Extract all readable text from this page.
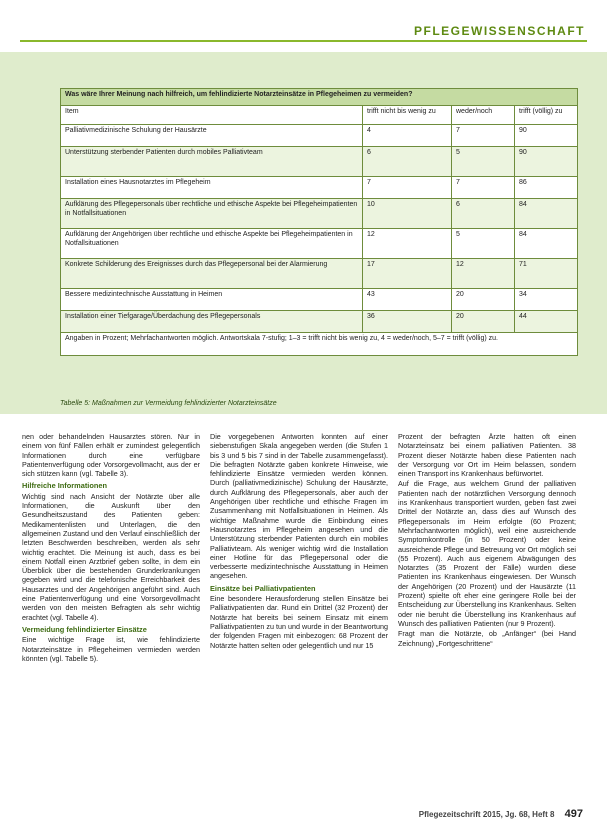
PFLEGEWISSENSCHAFT
Was wäre Ihrer Meinung nach hilfreich, um fehlindizierte Notarzteinsätze in Pflegeheimen zu vermeiden?			
Item	trifft nicht bis wenig zu	weder/noch	trifft (völlig) zu
Palliativmedizinische Schulung der Hausärzte	4	7	90
Unterstützung sterbender Patienten durch mobiles Palliativteam	6	5	90
Installation eines Hausnotarztes im Pflegeheim	7	7	86
Aufklärung des Pflegepersonals über rechtliche und ethische Aspekte bei Pflegeheimpatienten in Notfallsituationen	10	6	84
Aufklärung der Angehörigen über rechtliche und ethische Aspekte bei Pflegeheimpatienten in Notfallsituationen	12	5	84
Konkrete Schilderung des Ereignisses durch das Pflegepersonal bei der Alarmierung	17	12	71
Bessere medizintechnische Ausstattung in Heimen	43	20	34
Installation einer Tiefgarage/Überdachung des Pflegepersonals	36	20	44
Angaben in Prozent; Mehrfachantworten möglich. Antwortskala 7-stufig; 1–3 = trifft nicht bis wenig zu, 4 = weder/noch, 5–7 = trifft (völlig) zu.			
Tabelle 5: Maßnahmen zur Vermeidung fehlindizierter Notarzteinsätze

nen oder behandelnden Hausarztes stören. Nur in einem von fünf Fällen erhält er zumindest gelegentlich Informationen durch eine verfügbare Patientenverfügung oder Vorsorgevollmacht, aus der er sich stützen kann (vgl. Tabelle 3).

Hilfreiche Informationen

Wichtig sind nach Ansicht der Notärzte über alle Informationen, die Auskunft über den Gesundheitszustand des Patienten geben: Medikamentenlisten und Unterlagen, die den allgemeinen Zustand und den Verlauf einschließlich der letzten Beschwerden beschreiben, werden als sehr wichtig erachtet. Die Meinung ist auch, dass es bei einem Notfall einen Arztbrief geben sollte, in dem ein Überblick über die bestehenden Grunderkrankungen gegeben wird und die telefonische Erreichbarkeit des Hausarztes und der Angehörigen angeführt sind. Auch eine Patientenverfügung und eine Vorsorgevollmacht werden von den meisten Befragten als sehr wichtig erachtet (vgl. Tabelle 4).

Vermeidung fehlindizierter Einsätze

Eine wichtige Frage ist, wie fehlindizierte Notarzteinsätze in Pflegeheimen vermieden werden könnten (vgl. Tabelle 5).

Die vorgegebenen Antworten konnten auf einer siebenstufigen Skala angegeben werden (die Stufen 1 bis 3 und 5 bis 7 sind in der Tabelle zusammengefasst). Die befragten Notärzte gaben konkrete Hinweise, wie fehlindizierte Einsätze vermieden werden können. Durch (palliativmedizinische) Schulung der Hausärzte, durch Aufklärung des Pflegepersonals, aber auch der Angehörigen über rechtliche und ethische Fragen im Zusammenhang mit Notfallsituationen in Heimen. Als wichtige Maßnahme wurde die Einbindung eines Hausnotarztes im Pflegeheim angesehen und die Unterstützung sterbender Patienten durch ein mobiles Palliativteam. Als weniger wichtig wird die Installation einer Hotline für das Pflegepersonal oder die verbesserte medizintechnische Ausstattung in Heimen angesehen.

Einsätze bei Palliativpatienten

Eine besondere Herausforderung stellen Einsätze bei Palliativpatienten dar. Rund ein Drittel (32 Prozent) der Notärzte hat bereits bei seinem Einsatz mit einem Palliativpatienten zu tun und wurde in der Beantwortung der folgenden Fragen mit einbezogen: 68 Prozent der Notärzte hatten selten oder gelegentlich und nur 15

Prozent der befragten Ärzte hatten oft einen Notarzteinsatz bei einem palliativen Patienten. 38 Prozent dieser Notärzte haben diese Patienten nach der Versorgung vor Ort im Heim belassen, sondern einen Transport ins Krankenhaus befürwortet.

Auf die Frage, aus welchem Grund der palliativen Patienten nach der notärztlichen Versorgung dennoch ins Krankenhaus transportiert wurden, geben fast zwei Drittel der Notärzte an, dass dies auf Wunsch des Pflegepersonals im Heim erfolgte (60 Prozent; Mehrfachantworten möglich), weil eine ausreichende Symptomkontrolle (in 50 Prozent) oder keine ausreichende Pflege und Betreuung vor Ort möglich sei (55 Prozent). Auch aus eigenem Abwägungen des Notarztes (35 Prozent der Fälle) wurden diese Patienten ins Krankenhaus eingewiesen. Der Wunsch der Angehörigen (20 Prozent) und der Hausärzte (11 Prozent) spielte oft eher eine geringere Rolle bei der Entscheidung zur Überstellung ins Krankenhaus. Selten oder nie beruht die Überstellung ins Krankenhaus auf Wunsch des palliativen Patienten (nur 9 Prozent).

Fragt man die Notärzte, ob „Anfänger“ (bei Hand Zeichnung) „Fortgeschrittene“

Pflegezeitschrift 2015, Jg. 68, Heft 8 497
